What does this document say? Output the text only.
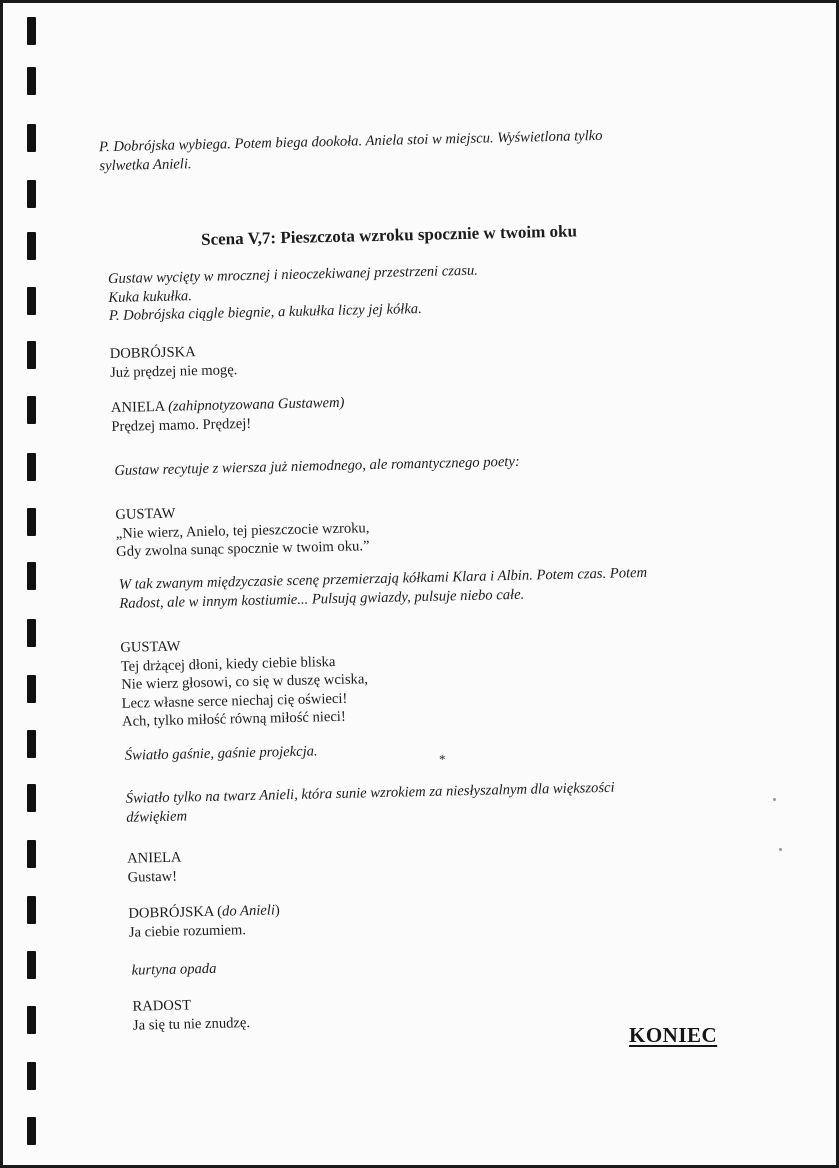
P. Dobrójska wybiega. Potem biega dookoła. Aniela stoi w miejscu. Wyświetlona tylko
sylwetka Anieli.
Scena V,7: Pieszczota wzroku spocznie w twoim oku
Gustaw wycięty w mrocznej i nieoczekiwanej przestrzeni czasu.
Kuka kukułka.
P. Dobrójska ciągle biegnie, a kukułka liczy jej kółka.
DOBRÓJSKA
Już prędzej nie mogę.
ANIELA (zahipnotyzowana Gustawem)
Prędzej mamo. Prędzej!
Gustaw recytuje z wiersza już niemodnego, ale romantycznego poety:
GUSTAW
„Nie wierz, Anielo, tej pieszczocie wzroku,
Gdy zwolna sunąc spocznie w twoim oku.”
W tak zwanym międzyczasie scenę przemierzają kółkami Klara i Albin. Potem czas. Potem
Radost, ale w innym kostiumie... Pulsują gwiazdy, pulsuje niebo całe.
GUSTAW
Tej drżącej dłoni, kiedy ciebie bliska
Nie wierz głosowi, co się w duszę wciska,
Lecz własne serce niechaj cię oświeci!
Ach, tylko miłość równą miłość nieci!
Światło gaśnie, gaśnie projekcja.	*
Światło tylko na twarz Anieli, która sunie wzrokiem za niesłyszalnym dla większości
dźwiękiem
ANIELA
Gustaw!
DOBRÓJSKA (do Anieli)
Ja ciebie rozumiem.
kurtyna opada
RADOST
Ja się tu nie znudzę.	KONIEC
